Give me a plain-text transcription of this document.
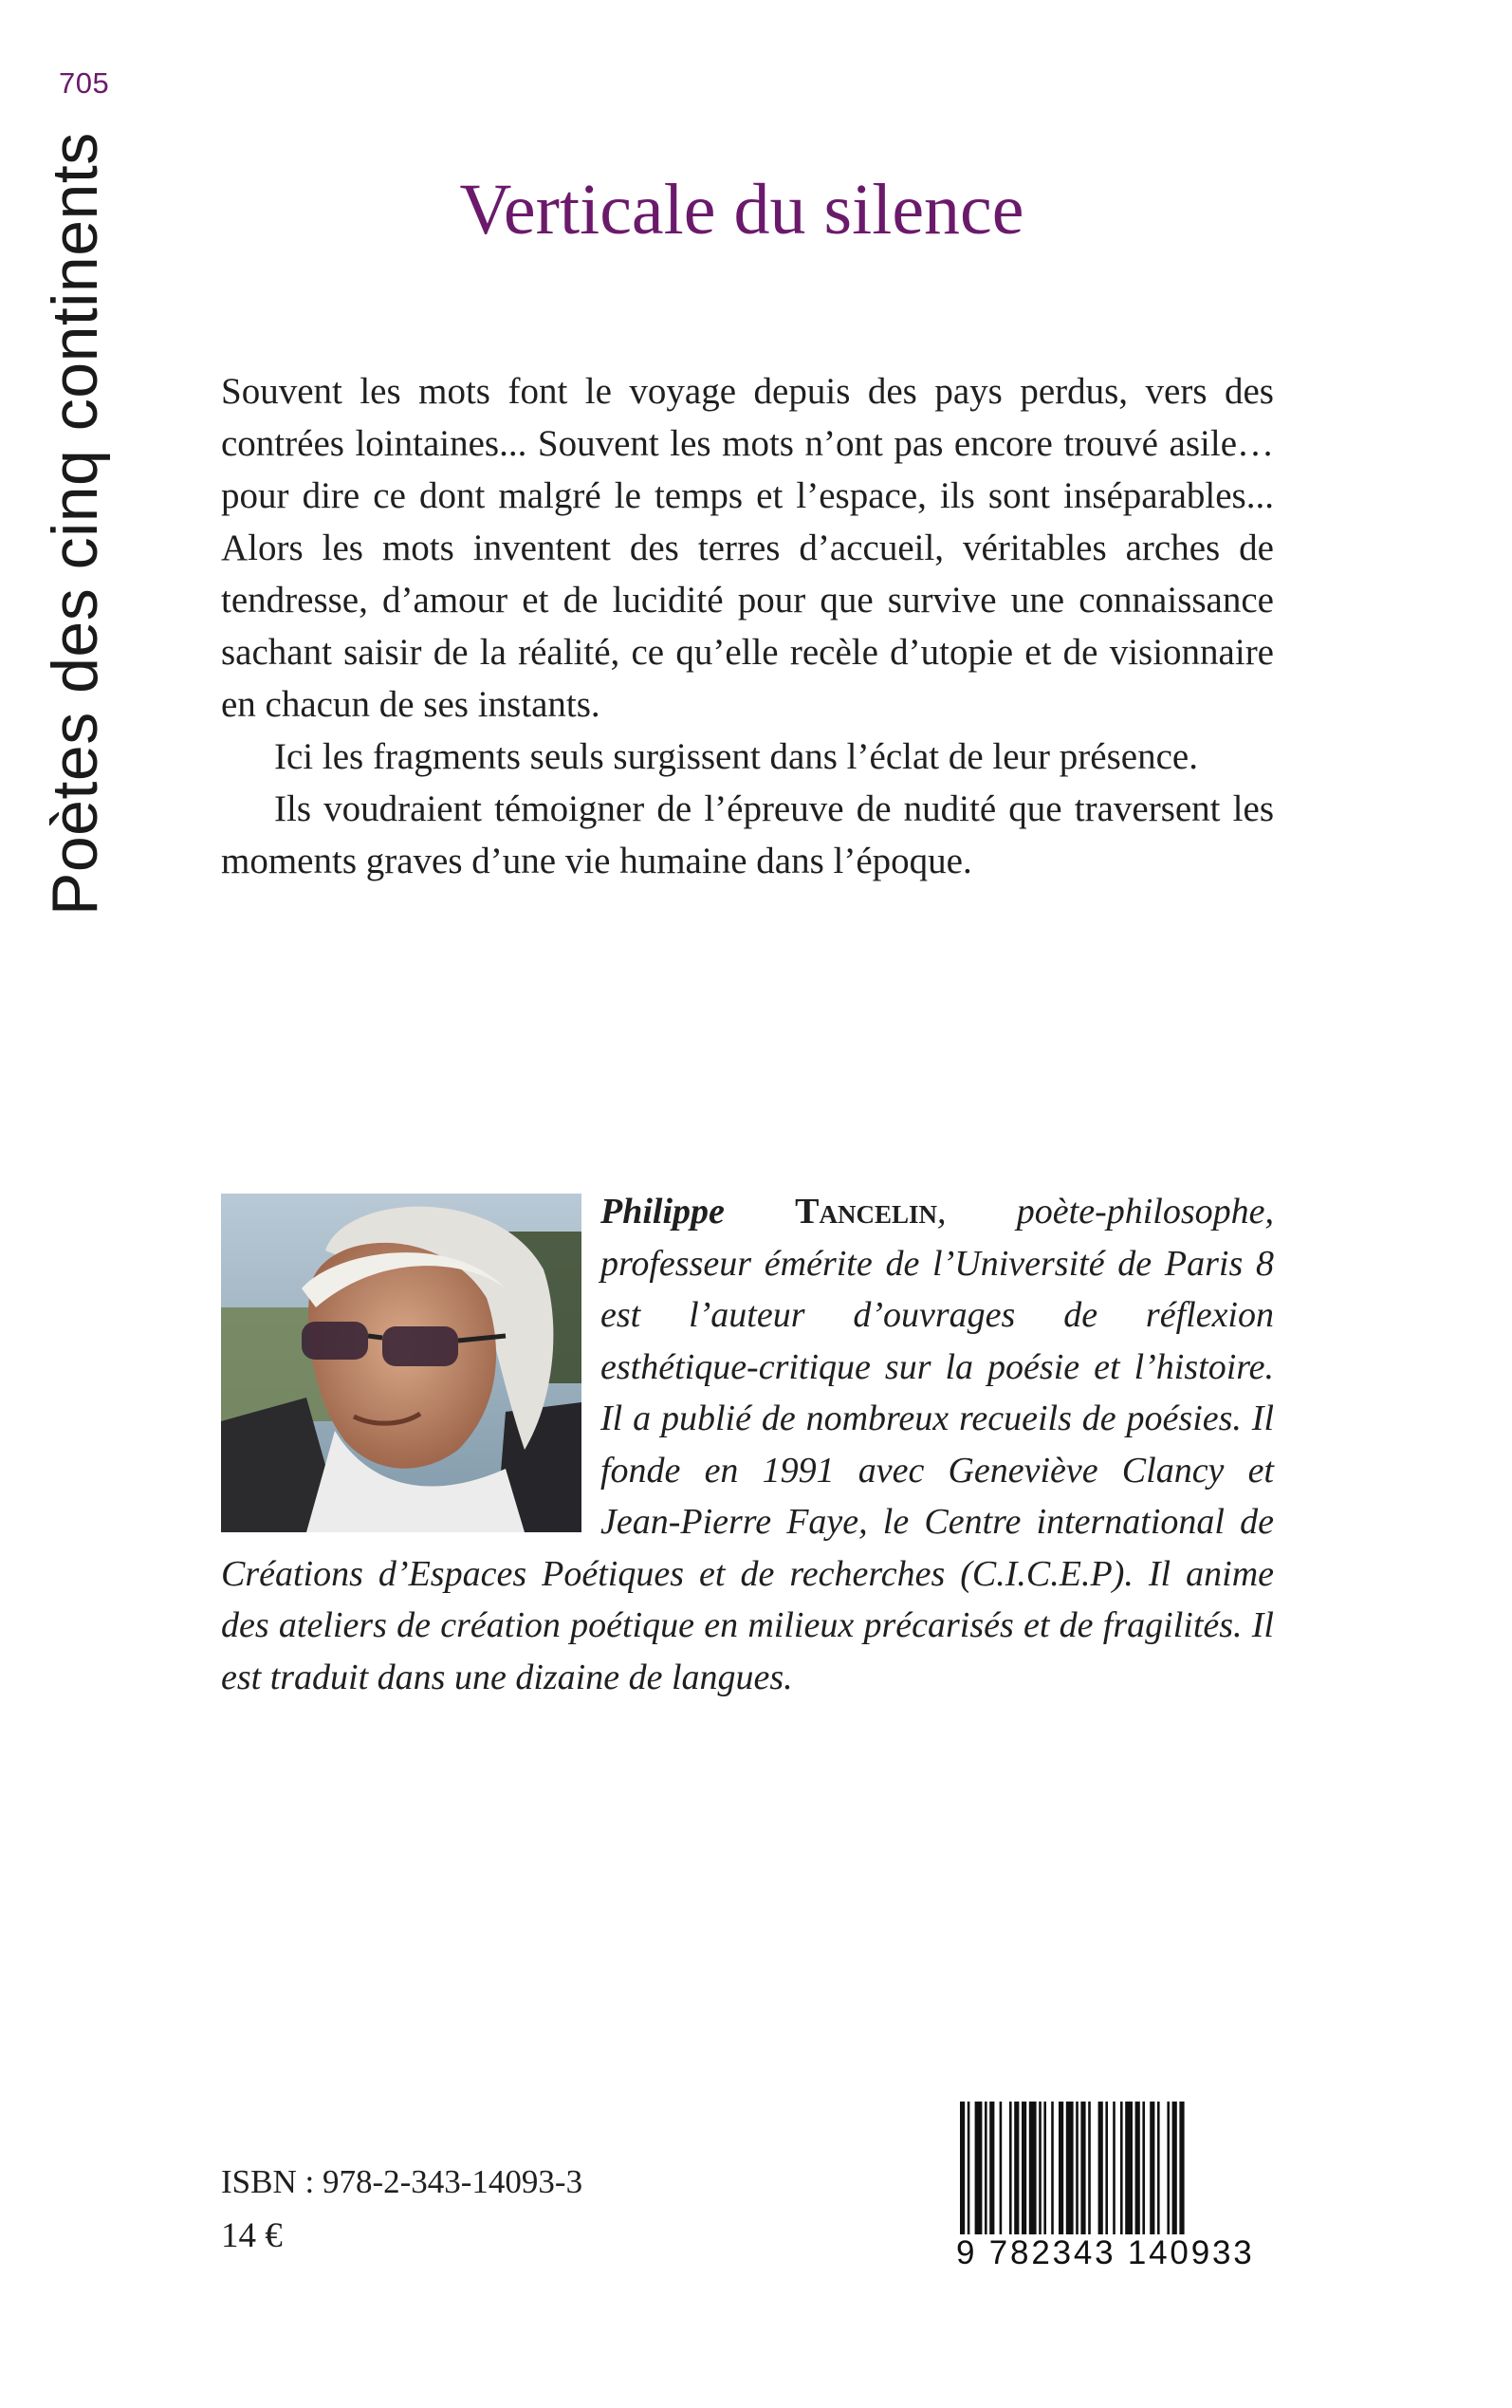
705
Poètes des cinq continents	Verticale du silence

Souvent les mots font le voyage depuis des pays perdus, vers des contrées lointaines... Souvent les mots n’ont pas encore trouvé asile… pour dire ce dont malgré le temps et l’espace, ils sont inséparables... Alors les mots inventent des terres d’accueil, véritables arches de tendresse, d’amour et de lucidité pour que survive une connaissance sachant saisir de la réalité, ce qu’elle recèle d’utopie et de visionnaire en chacun de ses instants.

Ici les fragments seuls surgissent dans l’éclat de leur présence.

Ils voudraient témoigner de l’épreuve de nudité que traversent les moments graves d’une vie humaine dans l’époque.

Philippe Tancelin, poète-philosophe, professeur émérite de l’Université de Paris 8 est l’auteur d’ouvrages de réflexion esthétique-critique sur la poésie et l’histoire. Il a publié de nombreux recueils de poésies. Il fonde en 1991 avec Geneviève Clancy et Jean-Pierre Faye, le Centre international de Créations d’Espaces Poétiques et de recherches (C.I.C.E.P). Il anime des ateliers de création poétique en milieux précarisés et de fragilités. Il est traduit dans une dizaine de langues.
ISBN : 978-2-343-14093-3
14 €	9 782343 140933
